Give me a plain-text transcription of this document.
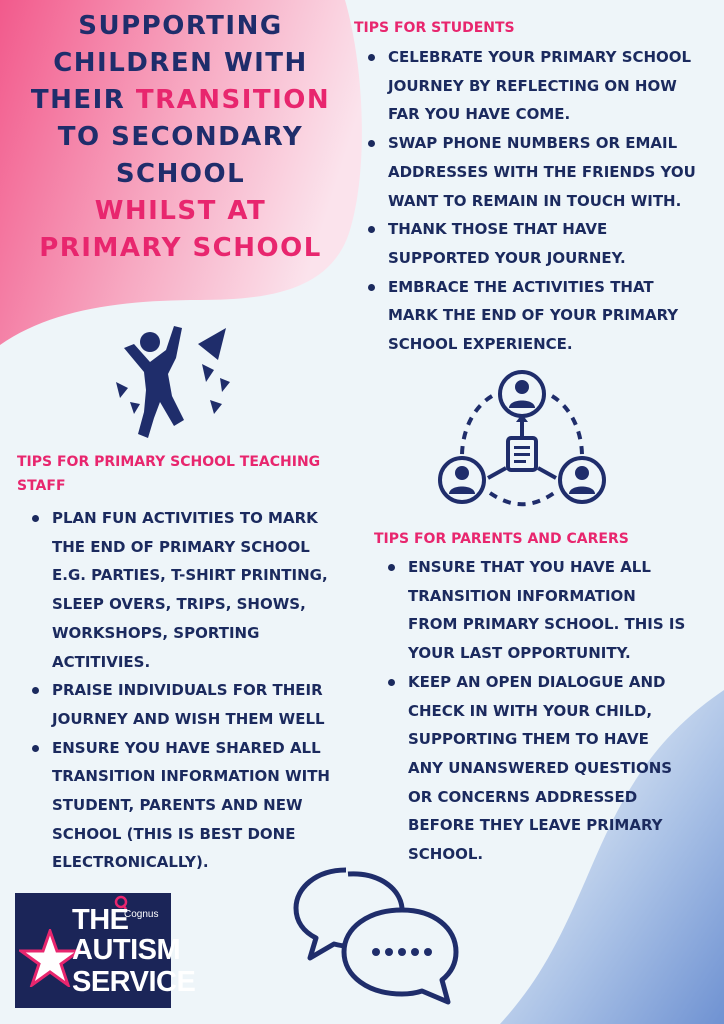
SUPPORTING
CHILDREN WITH
THEIR TRANSITION
TO SECONDARY
SCHOOL
WHILST AT
PRIMARY SCHOOL
TIPS FOR STUDENTS
CELEBRATE YOUR PRIMARY SCHOOL JOURNEY BY REFLECTING ON HOW FAR YOU HAVE COME.
SWAP PHONE NUMBERS OR EMAIL ADDRESSES WITH THE FRIENDS YOU WANT TO REMAIN IN TOUCH WITH.
THANK THOSE THAT HAVE SUPPORTED YOUR JOURNEY.
EMBRACE THE ACTIVITIES THAT MARK THE END OF YOUR PRIMARY SCHOOL EXPERIENCE.
TIPS FOR PRIMARY SCHOOL TEACHING STAFF
PLAN FUN ACTIVITIES TO MARK THE END OF PRIMARY SCHOOL E.G. PARTIES, T-SHIRT PRINTING, SLEEP OVERS, TRIPS, SHOWS, WORKSHOPS, SPORTING ACTITIVIES.
PRAISE INDIVIDUALS FOR THEIR JOURNEY AND WISH THEM WELL
ENSURE YOU HAVE SHARED ALL TRANSITION INFORMATION WITH STUDENT, PARENTS AND NEW SCHOOL (THIS IS BEST DONE ELECTRONICALLY).
TIPS FOR PARENTS AND CARERS
ENSURE THAT YOU HAVE ALL TRANSITION INFORMATION FROM PRIMARY SCHOOL. THIS IS YOUR LAST OPPORTUNITY.
KEEP AN OPEN DIALOGUE AND CHECK IN WITH YOUR CHILD, SUPPORTING THEM TO HAVE ANY UNANSWERED QUESTIONS OR CONCERNS ADDRESSED BEFORE THEY LEAVE PRIMARY SCHOOL.
Cognus
THE
AUTISM
SERVICE
